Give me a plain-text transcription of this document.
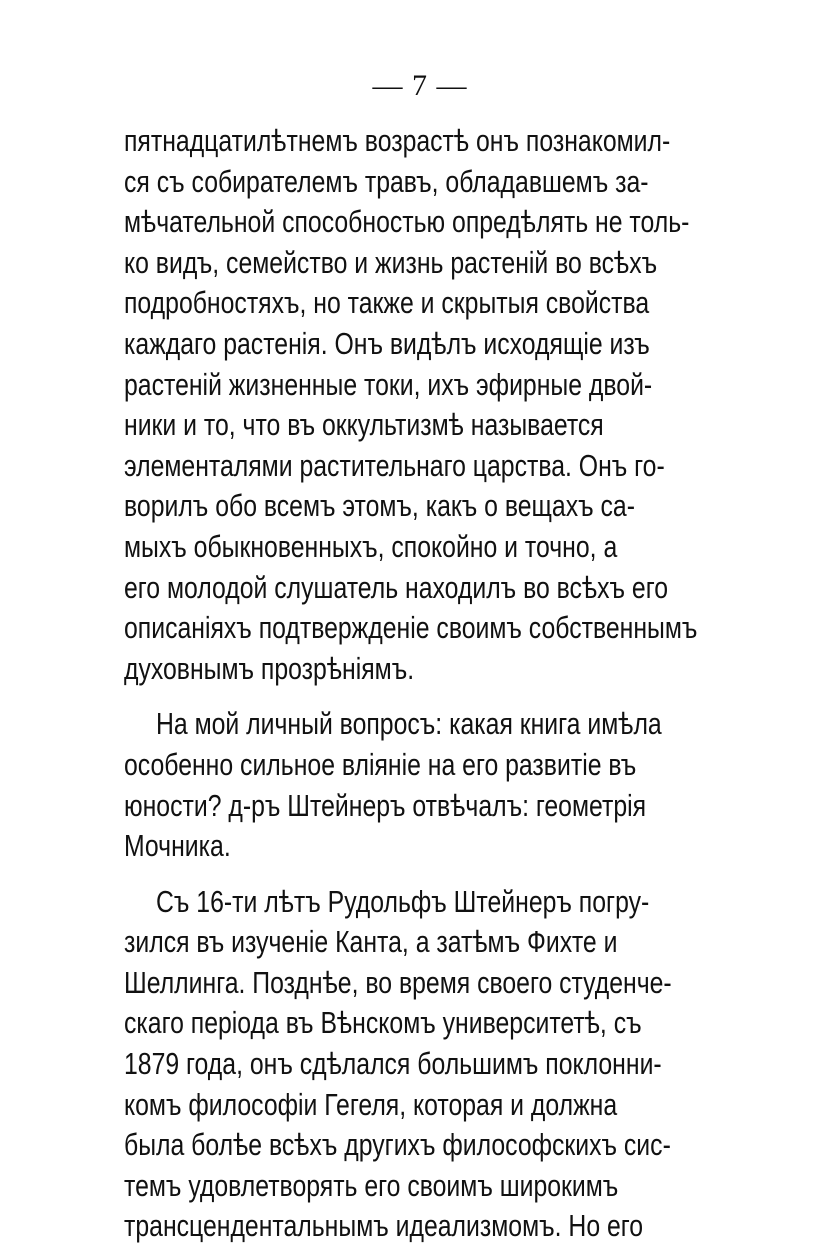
— 7 —
пятнадцатилѣтнемъ возрастѣ онъ познакомил-
ся съ собирателемъ травъ, обладавшемъ за-
мѣчательной способностью опредѣлять не толь-
ко видъ, семейство и жизнь растеній во всѣхъ
подробностяхъ, но также и скрытыя свойства
каждаго растенія. Онъ видѣлъ исходящіе изъ
растеній жизненные токи, ихъ эфирные двой-
ники и то, что въ оккультизмѣ называется
элементалями растительнаго царства. Онъ го-
ворилъ обо всемъ этомъ, какъ о вещахъ са-
мыхъ обыкновенныхъ, спокойно и точно, а
его молодой слушатель находилъ во всѣхъ его
описаніяхъ подтвержденіе своимъ собственнымъ
духовнымъ прозрѣніямъ.
На мой личный вопросъ: какая книга имѣла
особенно сильное вліяніе на его развитіе въ
юности? д-ръ Штейнеръ отвѣчалъ: геометрія
Мочника.
Съ 16-ти лѣтъ Рудольфъ Штейнеръ погру-
зился въ изученіе Канта, а затѣмъ Фихте и
Шеллинга. Позднѣе, во время своего студенче-
скаго періода въ Вѣнскомъ университетѣ, съ
1879 года, онъ сдѣлался большимъ поклонни-
комъ философіи Гегеля, которая и должна
была болѣе всѣхъ другихъ философскихъ сис-
темъ удовлетворять его своимъ широкимъ
трансцендентальнымъ идеализмомъ. Но его
